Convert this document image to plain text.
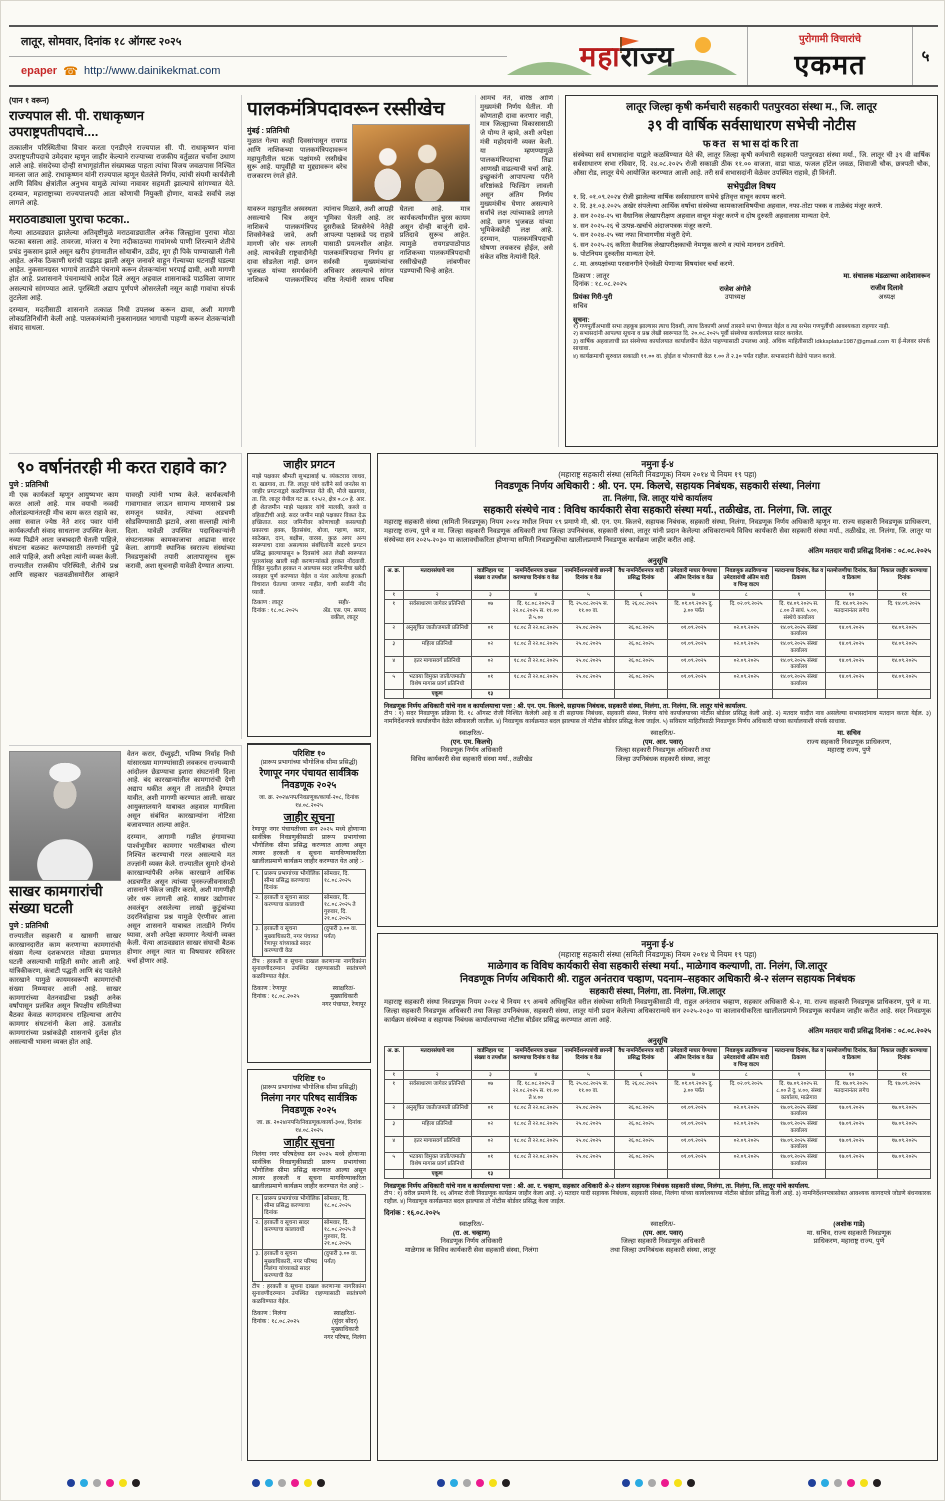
लातूर, सोमवार, दिनांक १८ ऑगस्ट २०२५
epaper ☎ http://www.dainikekmat.com	महाराज्य
पुरोगामी विचारांचे
एकमत	५
(पान १ वरून)
राज्यपाल सी. पी. राधाकृष्णन उपराष्ट्रपतीपदाचे....
तत्कालीन परिस्थितीचा विचार करता एनडीएने राज्यपाल सी. पी. राधाकृष्णन यांना उपराष्ट्रपतीपदाचे उमेदवार म्हणून जाहीर केल्याने राज्याच्या राजकीय वर्तुळात चर्चांना उधाण आले आहे. संसदेच्या दोन्ही सभागृहांतील संख्याबळ पाहता त्यांचा विजय जवळपास निश्चित मानला जात आहे. राधाकृष्णन यांनी राज्यपाल म्हणून घेतलेले निर्णय, त्यांची संयमी कार्यशैली आणि विविध क्षेत्रांतील अनुभव यामुळे त्यांच्या नावावर सहमती झाल्याचे सांगण्यात येते. दरम्यान, महाराष्ट्राच्या राज्यपालपदी आता कोणाची नियुक्ती होणार, याकडे सर्वांचे लक्ष लागले आहे.
मराठवाड्याला पुराचा फटका..
गेल्या आठवड्यात झालेल्या अतिवृष्टीमुळे मराठवाड्यातील अनेक जिल्ह्यांना पुराचा मोठा फटका बसला आहे. तावरजा, मांजरा व रेणा नदीकाठच्या गावांमध्ये पाणी शिरल्याने शेतीचे प्रचंड नुकसान झाले असून खरीप हंगामातील सोयाबीन, उडीद, मूग ही पिके पाण्याखाली गेली आहेत. अनेक ठिकाणी घरांची पडझड झाली असून जनावरे वाहून गेल्याच्या घटनाही घडल्या आहेत. नुकसानग्रस्त भागाचे तातडीने पंचनामे करून शेतकऱ्यांना भरपाई द्यावी, अशी मागणी होत आहे. प्रशासनाने पंचनाम्यांचे आदेश दिले असून अहवाल शासनाकडे पाठविला जाणार असल्याचे सांगण्यात आले. पूरस्थिती अद्याप पूर्णपणे ओसरलेली नसून काही गावांचा संपर्क तुटलेला आहे.
दरम्यान, मदतीसाठी शासनाने तत्काळ निधी उपलब्ध करून द्यावा, अशी मागणी लोकप्रतिनिधींनी केली आहे. पालकमंत्र्यांनी नुकसानग्रस्त भागाची पाहणी करून शेतकऱ्यांशी संवाद साधला.
पालकमंत्रिपदावरून रस्सीखेच
मुंबई : प्रतिनिधी
मुळात गेल्या काही दिवसांपासून रायगड आणि नाशिकच्या पालकमंत्रिपदावरून महायुतीतील घटक पक्षांमध्ये रस्सीखेच सुरू आहे. यापूर्वीही या मुद्द्यावरून बरेच राजकारण रंगले होते.
यावरून महायुतीत अस्वस्थता असल्याचे चित्र असून नाशिकचे पालकमंत्रिपद शिवसेनेकडे जावे, अशी मागणी जोर धरू लागली आहे. त्याचवेळी राष्ट्रवादीनेही दावा सोडलेला नाही. छगन भुजबळ यांच्या समर्थकांनी नाशिकचे पालकमंत्रिपद त्यांनाच मिळावे, अशी आग्रही भूमिका घेतली आहे. तर दुसरीकडे शिवसेनेचे नेतेही आपल्या पक्षाकडे पद राहावे यासाठी प्रयत्नशील आहेत. पालकमंत्रिपदाचा निर्णय हा सर्वस्वी मुख्यमंत्र्यांचा अधिकार असल्याचे सांगत वरिष्ठ नेत्यांनी सावध पवित्रा घेतला आहे. मात्र कार्यकर्त्यांमधील चुरस कायम असून दोन्ही बाजूंनी दावे-प्रतिदावे सुरूच आहेत. त्यामुळे रायगडपाठोपाठ नाशिकच्या पालकमंत्रिपदाची रस्सीखेचही लांबणीवर पडण्याची चिन्हे आहेत.
आमचे नेते, वरिष्ठ आणि मुख्यमंत्री निर्णय घेतील. मी कोणताही दावा करणार नाही, मात्र जिल्ह्याच्या विकासासाठी जे योग्य ते व्हावे, अशी अपेक्षा मंत्री महोदयांनी व्यक्त केली. या म्हणण्यामुळे पालकमंत्रिपदाचा तिढा आणखी वाढल्याची चर्चा आहे. इच्छुकांनी आपापल्या परीने वरिष्ठांकडे फिल्डिंग लावली असून अंतिम निर्णय मुख्यमंत्रीच घेणार असल्याने सर्वांचे लक्ष त्यांच्याकडे लागले आहे. छगन भुजबळ यांच्या भूमिकेकडेही लक्ष आहे. दरम्यान, पालकमंत्रिपदाची घोषणा लवकरच होईल, असे संकेत वरिष्ठ नेत्यांनी दिले.
लातूर जिल्हा कृषी कर्मचारी सहकारी पतपुरवठा संस्था म., जि. लातूर
३९ वी वार्षिक सर्वसाधारण सभेची नोटीस
फक्त सभासदांकरिता
संस्थेच्या सर्व सभासदांना याद्वारे कळविण्यात येते की, लातूर जिल्हा कृषी कर्मचारी सहकारी पतपुरवठा संस्था मर्या., जि. लातूर ची ३९ वी वार्षिक सर्वसाधारण सभा रविवार, दि. २४.०८.२०२५ रोजी सकाळी ठीक ११.०० वाजता, वाडा चाळ, फजल हॉटेल जवळ, शिवाजी चौक, छत्रपती चौक, औसा रोड, लातूर येथे आयोजित करण्यात आली आहे. तरी सर्व सभासदांनी वेळेवर उपस्थित राहावे, ही विनंती.
सभेपुढील विषय
१. दि. ०१.०९.२०२४ रोजी झालेल्या वार्षिक सर्वसाधारण सभेचे इतिवृत्त वाचून कायम करणे.
२. दि. ३१.०३.२०२५ अखेर संपलेल्या आर्थिक वर्षाचा संस्थेच्या कामकाजाविषयीचा अहवाल, नफा-तोटा पत्रक व ताळेबंद मंजूर करणे.
३. सन २०२४-२५ चा वैधानिक लेखापरीक्षण अहवाल वाचून मंजूर करणे व दोष दुरुस्ती अहवालास मान्यता देणे.
४. सन २०२५-२६ चे उत्पन्न-खर्चाचे अंदाजपत्रक मंजूर करणे.
५. सन २०२४-२५ च्या नफा विभागणीस मंजुरी देणे.
६. सन २०२५-२६ करिता वैधानिक लेखापरीक्षकाची नेमणूक करणे व त्यांचे मानधन ठरविणे.
७. पोटनियम दुरुस्तीस मान्यता देणे.
८. मा. अध्यक्षांच्या परवानगीने ऐनवेळी येणाऱ्या विषयांवर चर्चा करणे.
ठिकाण : लातूर
दिनांक : १८.०८.२०२५
प्रियंका गिरी-पुरी
सचिव
राजेश अंगोले
उपाध्यक्ष
मा. संचालक मंडळाच्या आदेशावरून
राजीव दिलावे
अध्यक्ष
सूचना:
१) गणपूर्तीअभावी सभा तहकूब झाल्यास त्याच दिवशी, त्याच ठिकाणी अर्ध्या तासाने सभा घेण्यात येईल व त्या सभेस गणपूर्तीची आवश्यकता राहणार नाही.
२) सभासदांनी आपल्या सूचना व प्रश्न लेखी स्वरूपात दि. २०.०८.२०२५ पूर्वी संस्थेच्या कार्यालयात सादर करावेत.
३) वार्षिक अहवालाची प्रत संस्थेच्या कार्यालयात कार्यालयीन वेळेत पाहण्यासाठी उपलब्ध आहे. अधिक माहितीसाठी ldkksplatur1987@gmail.com या ई-मेलवर संपर्क साधावा.
४) कार्यक्रमाची सुरुवात सकाळी ११.०० वा. होईल व भोजनाची वेळ १.०० ते २.३० पर्यंत राहील. सभासदांनी वेळेचे पालन करावे.
९० वर्षानंतरही मी करत राहावे का?
पुणे : प्रतिनिधी
मी एक कार्यकर्ता म्हणून आयुष्यभर काम करत आलो आहे. मात्र वयाची नव्वदी ओलांडल्यानंतरही मीच काम करत राहावे का, असा सवाल ज्येष्ठ नेते शरद पवार यांनी कार्यकर्त्यांशी संवाद साधताना उपस्थित केला. नव्या पिढीने आता जबाबदारी घेतली पाहिजे, संघटना बळकट करण्यासाठी तरुणांनी पुढे आले पाहिजे, अशी अपेक्षा त्यांनी व्यक्त केली. राज्यातील राजकीय परिस्थिती, शेतीचे प्रश्न आणि सहकार चळवळीसमोरील आव्हाने यावरही त्यांनी भाष्य केले. कार्यकर्त्यांनी गावागावात जाऊन सामान्य माणसाचे प्रश्न समजून घ्यावेत, त्यांच्या अडचणी सोडविण्यासाठी झटावे, असा सल्लाही त्यांनी दिला. यावेळी उपस्थित पदाधिकाऱ्यांनी संघटनात्मक कामकाजाचा आढावा सादर केला. आगामी स्थानिक स्वराज्य संस्थांच्या निवडणुकांची तयारी आतापासूनच सुरू करावी, अशा सूचनाही यावेळी देण्यात आल्या.
जाहीर प्रगटन
माझे पक्षकार श्रीमती सुभद्राबाई भ्र. व्यंकटराव जाधव, रा. खडगाव, ता. जि. लातूर यांचे वतीने सर्व जनतेस या जाहीर प्रगटनाद्वारे कळविण्यात येते की, मौजे खडगाव, ता. जि. लातूर येथील गट क्र. १२५/२, क्षेत्र ०.८० हे. आर. ही शेतजमीन माझे पक्षकार यांचे मालकी, कब्जे व वहिवाटीची आहे. सदर जमीन माझे पक्षकार विकत देऊ इच्छितात. सदर जमिनीवर कोणाचाही कसल्याही प्रकारचा हक्क, हितसंबंध, बोजा, गहाण, करार, साठेखत, दान, बक्षीस, वारसा, कुळ अगर अन्य स्वरूपाचा दावा असल्यास संबंधितांनी सदरचे प्रगटन प्रसिद्ध झाल्यापासून ७ दिवसांचे आत लेखी स्वरूपात पुराव्यांसह खाली सही करणाऱ्यांकडे हरकत नोंदवावी. विहित मुदतीत हरकत न आल्यास सदर जमिनीचा खरेदी व्यवहार पूर्ण करण्यात येईल व नंतर आलेल्या हरकती विचारात घेतल्या जाणार नाहीत, याची सर्वांनी नोंद घ्यावी.
ठिकाण : लातूर
दिनांक : १८.०८.२०२५
सही/-
ॲड. एस. एम. सय्यद
वकील, लातूर
नमुना ई-४
(महाराष्ट्र सहकारी संस्था (समिती निवडणूक) नियम २०१४ चे नियम १९ पहा)
निवडणूक निर्णय अधिकारी : श्री. एन. एम. किलचे, सहायक निबंधक, सहकारी संस्था, निलंगा
ता. निलंगा, जि. लातूर यांचे कार्यालय
सहकारी संस्थेचे नाव : विविध कार्यकारी सेवा सहकारी संस्था मर्या., तळीखेड, ता. निलंगा, जि. लातूर
महाराष्ट्र सहकारी संस्था (समिती निवडणूक) नियम २०१४ मधील नियम १९ प्रमाणे मी, श्री. एन. एम. किलचे, सहायक निबंधक, सहकारी संस्था, निलंगा, निवडणूक निर्णय अधिकारी म्हणून मा. राज्य सहकारी निवडणूक प्राधिकरण, महाराष्ट्र राज्य, पुणे व मा. जिल्हा सहकारी निवडणूक अधिकारी तथा जिल्हा उपनिबंधक, सहकारी संस्था, लातूर यांनी प्रदान केलेल्या अधिकारान्वये विविध कार्यकारी सेवा सहकारी संस्था मर्या., तळीखेड, ता. निलंगा, जि. लातूर या संस्थेच्या सन २०२५-२०३० या कालावधीकरिता होणाऱ्या समिती निवडणुकीचा खालीलप्रमाणे निवडणूक कार्यक्रम जाहीर करीत आहे.
अंतिम मतदार यादी प्रसिद्ध दिनांक : ०८.०८.२०२५
अनुसूचि
अ. क्र.	मतदारसंघाचे नाव	वार्डनिहाय पद संख्या व तपशील	नामनिर्देशनपत्र दाखल करण्याचा दिनांक व वेळ	नामनिर्देशनपत्रांची छाननी दिनांक व वेळ	वैध नामनिर्देशनपत्र यादी प्रसिद्ध दिनांक	उमेदवारी माघार घेण्याचा अंतिम दिनांक व वेळ	निवडणूक लढविणाऱ्या उमेदवारांची अंतिम यादी व चिन्ह वाटप	मतदानाचा दिनांक, वेळ व ठिकाण	मतमोजणीचा दिनांक, वेळ व ठिकाण	निकाल जाहीर करण्याचा दिनांक
१	२	३	४	५	६	७	८	९	१०	११
१	सर्वसाधारण जागेवर प्रतिनिधी	०७	दि. १८.०८.२०२५ ते २२.०८.२०२५ स. ११.०० ते ५.००	दि. २५.०८.२०२५ स. ११.०० वा.	दि. २६.०८.२०२५	दि. ०१.०९.२०२५ दु. ३.०० पर्यंत	दि. ०२.०९.२०२५	दि. १४.०९.२०२५ स. ८.०० ते सायं. ५.००, संस्थेचे कार्यालय	दि. १४.०९.२०२५ मतदानानंतर लगेच	दि. १४.०९.२०२५
२	अनुसूचित जाती/जमाती प्रतिनिधी	०१	१८.०८ ते २२.०८.२०२५	२५.०८.२०२५	२६.०८.२०२५	०१.०९.२०२५	०२.०९.२०२५	१४.०९.२०२५ संस्था कार्यालय	१४.०९.२०२५	१४.०९.२०२५
३	महिला प्रतिनिधी	०२	१८.०८ ते २२.०८.२०२५	२५.०८.२०२५	२६.०८.२०२५	०१.०९.२०२५	०२.०९.२०२५	१४.०९.२०२५ संस्था कार्यालय	१४.०९.२०२५	१४.०९.२०२५
४	इतर मागासवर्ग प्रतिनिधी	०२	१८.०८ ते २२.०८.२०२५	२५.०८.२०२५	२६.०८.२०२५	०१.०९.२०२५	०२.०९.२०२५	१४.०९.२०२५ संस्था कार्यालय	१४.०९.२०२५	१४.०९.२०२५
५	भटक्या विमुक्त जाती/जमाती/विशेष मागास प्रवर्ग प्रतिनिधी	०१	१८.०८ ते २२.०८.२०२५	२५.०८.२०२५	२६.०८.२०२५	०१.०९.२०२५	०२.०९.२०२५	१४.०९.२०२५ संस्था कार्यालय	१४.०९.२०२५	१४.०९.२०२५
	एकूण	१३								
निवडणूक निर्णय अधिकारी यांचे नाव व कार्यालयाचा पत्ता : श्री. एन. एम. किलचे, सहायक निबंधक, सहकारी संस्था, निलंगा, ता. निलंगा, जि. लातूर यांचे कार्यालय.
टीप : १) सदर निवडणूक प्रक्रिया दि. १८ ऑगस्ट रोजी निश्चित केलेली आहे व ती सहायक निबंधक, सहकारी संस्था, निलंगा यांचे कार्यालयाच्या नोटीस बोर्डवर प्रसिद्ध केली आहे. २) मतदार यादीत नाव असलेल्या सभासदांनाच मतदान करता येईल. ३) नामनिर्देशनपत्रे कार्यालयीन वेळेत स्वीकारली जातील. ४) निवडणूक कार्यक्रमात बदल झाल्यास तो नोटीस बोर्डवर प्रसिद्ध केला जाईल. ५) सविस्तर माहितीसाठी निवडणूक निर्णय अधिकारी यांच्या कार्यालयाशी संपर्क साधावा.
स्वाक्षरित/-
(एन. एम. किलचे)
निवडणूक निर्णय अधिकारी
विविध कार्यकारी सेवा सहकारी संस्था मर्या., तळीखेड
स्वाक्षरित/-
(एम. आर. पवार)
जिल्हा सहकारी निवडणूक अधिकारी तथा
जिल्हा उपनिबंधक सहकारी संस्था, लातूर
मा. सचिव
राज्य सहकारी निवडणूक प्राधिकरण,
महाराष्ट्र राज्य, पुणे
परिशिष्ट १०
(प्रारूप प्रभागांच्या भौगोलिक सीमा प्रसिद्धी)
रेणापूर नगर पंचायत सार्वत्रिक निवडणूक २०२५
जा. क्र. २०२४/नप/निवडणूक/कार्या-२०८, दिनांक १४.०८.२०२५
जाहीर सूचना
रेणापूर नगर पंचायतीच्या सन २०२५ मध्ये होणाऱ्या सार्वत्रिक निवडणुकीसाठी प्रारूप प्रभागांच्या भौगोलिक सीमा प्रसिद्ध करण्यात आल्या असून त्यावर हरकती व सूचना मागविण्याकरिता खालीलप्रमाणे कार्यक्रम जाहीर करण्यात येत आहे :-
१.	प्रारूप प्रभागांच्या भौगोलिक सीमा प्रसिद्ध करण्याचा दिनांक	सोमवार, दि. १८.०८.२०२५
२.	हरकती व सूचना सादर करण्याचा कालावधी	सोमवार, दि. १८.०८.२०२५ ते गुरुवार, दि. २१.०८.२०२५
३.	हरकती व सूचना मुख्याधिकारी, नगर पंचायत रेणापूर यांच्याकडे सादर करण्याची वेळ	(दुपारी ३.०० वा. पर्यंत)
टीप : हरकती व सूचना दाखल करणाऱ्या नागरिकांना सुनावणीदरम्यान उपस्थित राहण्यासाठी स्वतंत्रपणे कळविण्यात येईल.
ठिकाण : रेणापूर
दिनांक : १८.०८.२०२५
स्वाक्षरित/-
मुख्याधिकारी
नगर पंचायत, रेणापूर
परिशिष्ट १०
(प्रारूप प्रभागांच्या भौगोलिक सीमा प्रसिद्धी)
निलंगा नगर परिषद सार्वत्रिक निवडणूक २०२५
जा. क्र. २०२४/नपनि/निवडणूक/कार्या-३०४, दिनांक १४.०८.२०२५
जाहीर सूचना
निलंगा नगर परिषदेच्या सन २०२५ मध्ये होणाऱ्या सार्वत्रिक निवडणुकीसाठी प्रारूप प्रभागांच्या भौगोलिक सीमा प्रसिद्ध करण्यात आल्या असून त्यावर हरकती व सूचना मागविण्याकरिता खालीलप्रमाणे कार्यक्रम जाहीर करण्यात येत आहे :-
१.	प्रारूप प्रभागांच्या भौगोलिक सीमा प्रसिद्ध करण्याचा दिनांक	सोमवार, दि. १८.०८.२०२५
२.	हरकती व सूचना सादर करण्याचा कालावधी	सोमवार, दि. १८.०८.२०२५ ते गुरुवार, दि. २१.०८.२०२५
३.	हरकती व सूचना मुख्याधिकारी, नगर परिषद निलंगा यांच्याकडे सादर करण्याची वेळ	(दुपारी ३.०० वा. पर्यंत)
टीप : हरकती व सूचना दाखल करणाऱ्या नागरिकांना सुनावणीदरम्यान उपस्थित राहण्यासाठी स्वतंत्रपणे कळविण्यात येईल.
ठिकाण : निलंगा
दिनांक : १८.०८.२०२५
स्वाक्षरित/-
(सुंदर बोंदर)
मुख्याधिकारी
नगर परिषद, निलंगा
साखर कामगारांची संख्या घटली
पुणे : प्रतिनिधी
राज्यातील सहकारी व खासगी साखर कारखानदारीत काम करणाऱ्या कामगारांची संख्या गेल्या दशकभरात मोठ्या प्रमाणात घटली असल्याची माहिती समोर आली आहे. यांत्रिकीकरण, कंत्राटी पद्धती आणि बंद पडलेले कारखाने यामुळे कायमस्वरूपी कामगारांची संख्या निम्म्यावर आली आहे. साखर कामगारांच्या वेतनवाढीचा प्रश्नही अनेक वर्षांपासून प्रलंबित असून त्रिपक्षीय समितीच्या बैठका केवळ कागदावरच राहिल्याचा आरोप कामगार संघटनांनी केला आहे. ऊसतोड कामगारांच्या प्रश्नांकडेही शासनाचे दुर्लक्ष होत असल्याची भावना व्यक्त होत आहे.
वेतन करार, ग्रॅच्युइटी, भविष्य निर्वाह निधी यांसारख्या मागण्यांसाठी लवकरच राज्यव्यापी आंदोलन छेडण्याचा इशारा संघटनांनी दिला आहे. बंद कारखान्यांतील कामगारांची देणी अद्याप थकीत असून ती तातडीने देण्यात यावीत, अशी मागणी करण्यात आली. साखर आयुक्तालयाने याबाबत अहवाल मागविला असून संबंधित कारखान्यांना नोटिसा बजावण्यात आल्या आहेत.
दरम्यान, आगामी गळीत हंगामाच्या पार्श्वभूमीवर कामगार भरतीबाबत धोरण निश्चित करण्याची गरज असल्याचे मत तज्ज्ञांनी व्यक्त केले. राज्यातील सुमारे दोनशे कारखान्यांपैकी अनेक कारखाने आर्थिक अडचणीत असून त्यांच्या पुनरुज्जीवनासाठी शासनाने पॅकेज जाहीर करावे, अशी मागणीही जोर धरू लागली आहे. साखर उद्योगावर अवलंबून असलेल्या लाखो कुटुंबांच्या उदरनिर्वाहाचा प्रश्न यामुळे ऐरणीवर आला असून शासनाने याबाबत तातडीने निर्णय घ्यावा, अशी अपेक्षा कामगार नेत्यांनी व्यक्त केली. येत्या आठवड्यात साखर संघाची बैठक होणार असून त्यात या विषयावर सविस्तर चर्चा होणार आहे.
नमुना ई-४
(महाराष्ट्र सहकारी संस्था (समिती निवडणूक) नियम २०१४ चे नियम १९ पहा)
माळेगाव क विविध कार्यकारी सेवा सहकारी संस्था मर्या., माळेगाव कल्याणी, ता. निलंग, जि.लातूर
निवडणूक निर्णय अधिकारी श्री. राहुल अनंतराव चव्हाण, पदनाम–सहकार अधिकारी श्रे-२ संलग्न सहायक निबंधक
सहकारी संस्था, निलंगा, ता. निलंगा, जि.लातूर
महाराष्ट्र सहकारी संस्था निवडणूक नियम २०१४ चे नियम १९ अन्वये अधिसूचित वरील संस्थेच्या समिती निवडणुकीसाठी मी, राहुल अनंतराव चव्हाण, सहकार अधिकारी श्रे-२, मा. राज्य सहकारी निवडणूक प्राधिकरण, पुणे व मा. जिल्हा सहकारी निवडणूक अधिकारी तथा जिल्हा उपनिबंधक, सहकारी संस्था, लातूर यांनी प्रदान केलेल्या अधिकारान्वये सन २०२५-२०३० या कालावधीकरिता खालीलप्रमाणे निवडणूक कार्यक्रम जाहीर करीत आहे. सदर निवडणूक कार्यक्रम संस्थेच्या व सहायक निबंधक कार्यालयाच्या नोटीस बोर्डवर प्रसिद्ध करण्यात आला आहे.
अंतिम मतदार यादी प्रसिद्ध दिनांक : ०८.०८.२०२५
अनुसूचि
अ. क्र.	मतदारसंघाचे नाव	वार्डनिहाय पद संख्या व तपशील	नामनिर्देशनपत्र दाखल करण्याचा दिनांक व वेळ	नामनिर्देशनपत्रांची छाननी दिनांक व वेळ	वैध नामनिर्देशनपत्र यादी प्रसिद्ध दिनांक	उमेदवारी माघार घेण्याचा अंतिम दिनांक व वेळ	निवडणूक लढविणाऱ्या उमेदवारांची अंतिम यादी व चिन्ह वाटप	मतदानाचा दिनांक, वेळ व ठिकाण	मतमोजणीचा दिनांक, वेळ व ठिकाण	निकाल जाहीर करण्याचा दिनांक
१	२	३	४	५	६	७	८	९	१०	११
१	सर्वसाधारण जागेवर प्रतिनिधी	०७	दि. १८.०८.२०२५ ते २२.०८.२०२५ स. ११.०० ते ४.००	दि. २५.०८.२०२५ स. ११.०० वा.	दि. २६.०८.२०२५	दि. ०१.०९.२०२५ दु. ३.०० पर्यंत	दि. ०२.०९.२०२५	दि. १७.०९.२०२५ स. ८.०० ते दु. ४.००, संस्था कार्यालय, माळेगाव	दि. १७.०९.२०२५ मतदानानंतर लगेच	दि. १७.०९.२०२५
२	अनुसूचित जाती/जमाती प्रतिनिधी	०१	१८.०८ ते २२.०८.२०२५	२५.०८.२०२५	२६.०८.२०२५	०१.०९.२०२५	०२.०९.२०२५	१७.०९.२०२५ संस्था कार्यालय	१७.०९.२०२५	१७.०९.२०२५
३	महिला प्रतिनिधी	०२	१८.०८ ते २२.०८.२०२५	२५.०८.२०२५	२६.०८.२०२५	०१.०९.२०२५	०२.०९.२०२५	१७.०९.२०२५ संस्था कार्यालय	१७.०९.२०२५	१७.०९.२०२५
४	इतर मागासवर्ग प्रतिनिधी	०२	१८.०८ ते २२.०८.२०२५	२५.०८.२०२५	२६.०८.२०२५	०१.०९.२०२५	०२.०९.२०२५	१७.०९.२०२५ संस्था कार्यालय	१७.०९.२०२५	१७.०९.२०२५
५	भटक्या विमुक्त जाती/जमाती/विशेष मागास प्रवर्ग प्रतिनिधी	०१	१८.०८ ते २२.०८.२०२५	२५.०८.२०२५	२६.०८.२०२५	०१.०९.२०२५	०२.०९.२०२५	१७.०९.२०२५ संस्था कार्यालय	१७.०९.२०२५	१७.०९.२०२५
	एकूण	१३								
निवडणूक निर्णय अधिकारी यांचे नाव व कार्यालयाचा पत्ता : श्री. आ. र. चव्हाण, सहकार अधिकारी श्रे-२ संलग्न सहायक निबंधक सहकारी संस्था, निलंगा, ता. निलंगा, जि. लातूर यांचे कार्यालय.
टीप : १) वरील प्रमाणे दि. १६ ऑगस्ट रोजी निवडणूक कार्यक्रम जाहीर केला आहे. २) मतदार यादी सहायक निबंधक, सहकारी संस्था, निलंगा यांच्या कार्यालयाच्या नोटीस बोर्डवर प्रसिद्ध केली आहे. ३) नामनिर्देशनपत्रासोबत आवश्यक कागदपत्रे जोडणे बंधनकारक राहील. ४) निवडणूक कार्यक्रमात बदल झाल्यास तो नोटीस बोर्डवर प्रसिद्ध केला जाईल.
दिनांक : १६.०८.२०२५
स्वाक्षरित/-
(रा. अ. चव्हाण)
निवडणूक निर्णय अधिकारी
माळेगाव क विविध कार्यकारी सेवा सहकारी संस्था, निलंगा
स्वाक्षरित/-
(एम. आर. पवार)
जिल्हा सहकारी निवडणूक अधिकारी
तथा जिल्हा उपनिबंधक सहकारी संस्था, लातूर
(अशोक गाडे)
मा. सचिव, राज्य सहकारी निवडणूक
प्राधिकरण, महाराष्ट्र राज्य, पुणे
